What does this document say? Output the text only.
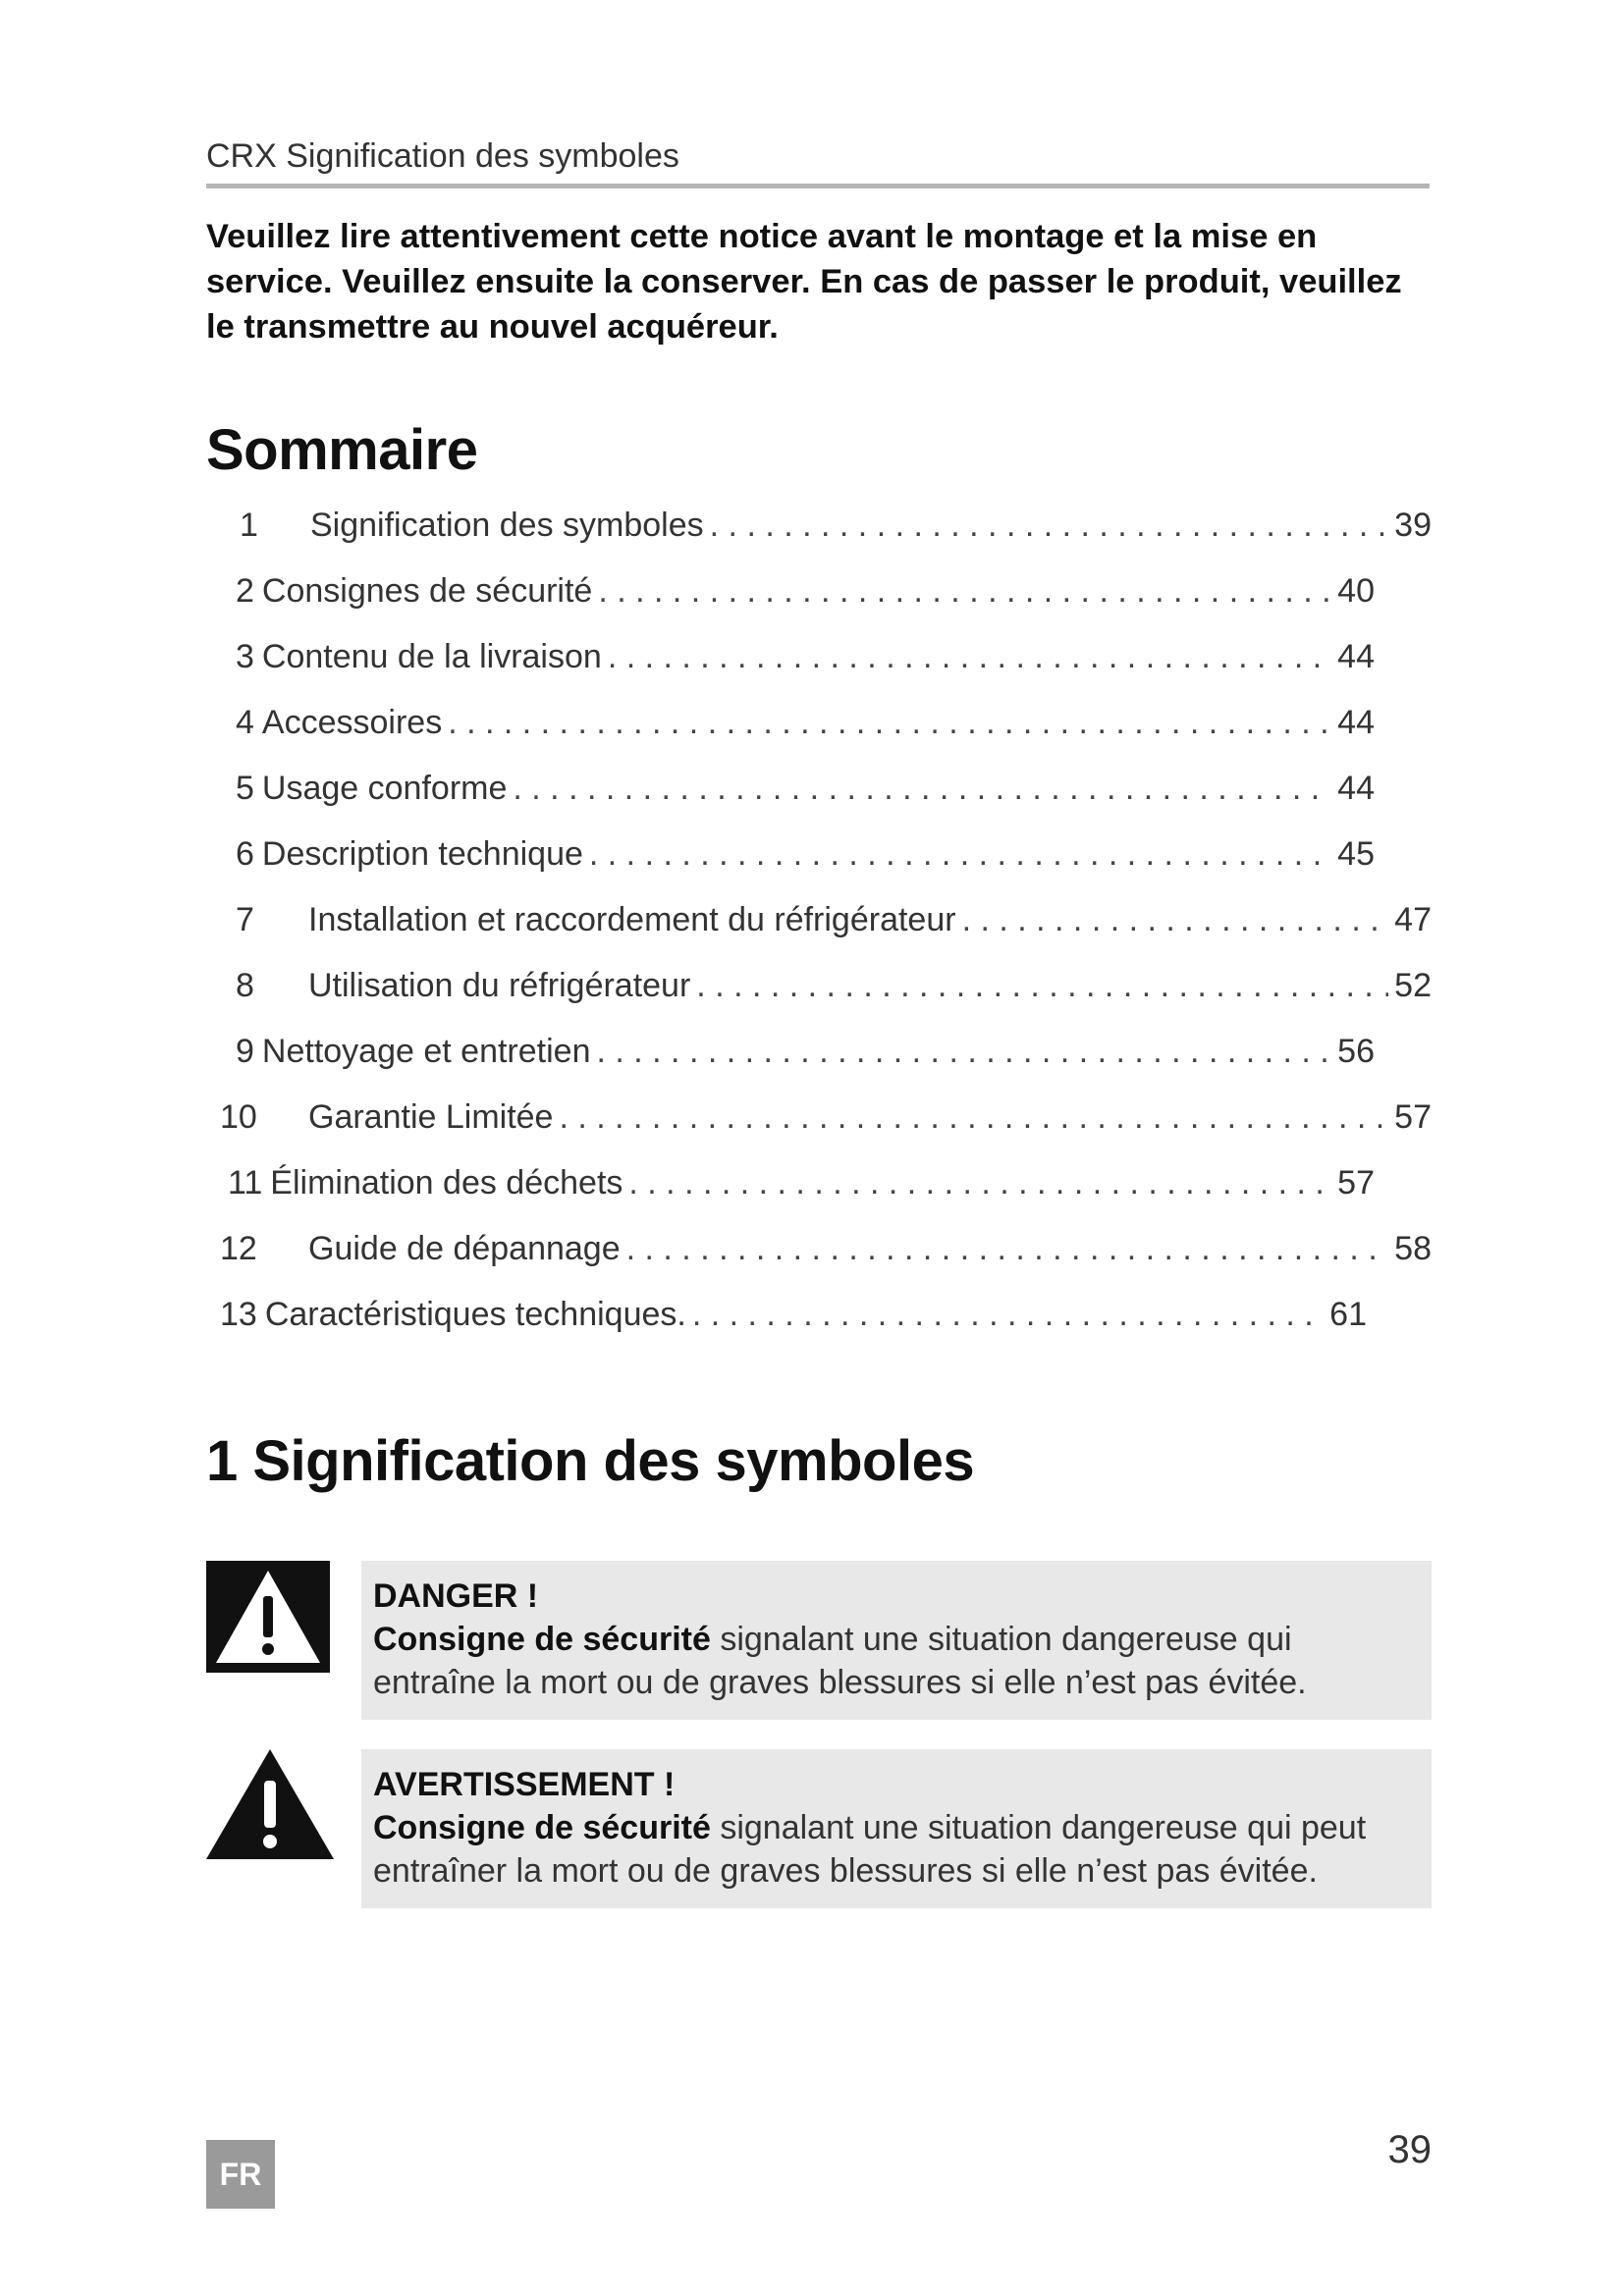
CRX Signification des symboles
Veuillez lire attentivement cette notice avant le montage et la mise en service. Veuillez ensuite la conserver. En cas de passer le produit, veuillez le transmettre au nouvel acquéreur.
Sommaire
1	Signification des symboles . . .	39
2 Consignes de sécurité . . .	40
3 Contenu de la livraison . . .	44
4 Accessoires . . .	44
5 Usage conforme . . .	44
6 Description technique . . .	45
7	Installation et raccordement du réfrigérateur . . .	47
8	Utilisation du réfrigérateur . . .	52
9 Nettoyage et entretien . . .	56
10	Garantie Limitée . . .	57
11 Élimination des déchets . . .	57
12	Guide de dépannage . . .	58
13 Caractéristiques techniques. . . .	61
1 Signification des symboles
DANGER !
Consigne de sécurité signalant une situation dangereuse qui entraîne la mort ou de graves blessures si elle n’est pas évitée.
AVERTISSEMENT !
Consigne de sécurité signalant une situation dangereuse qui peut entraîner la mort ou de graves blessures si elle n’est pas évitée.
FR
39
